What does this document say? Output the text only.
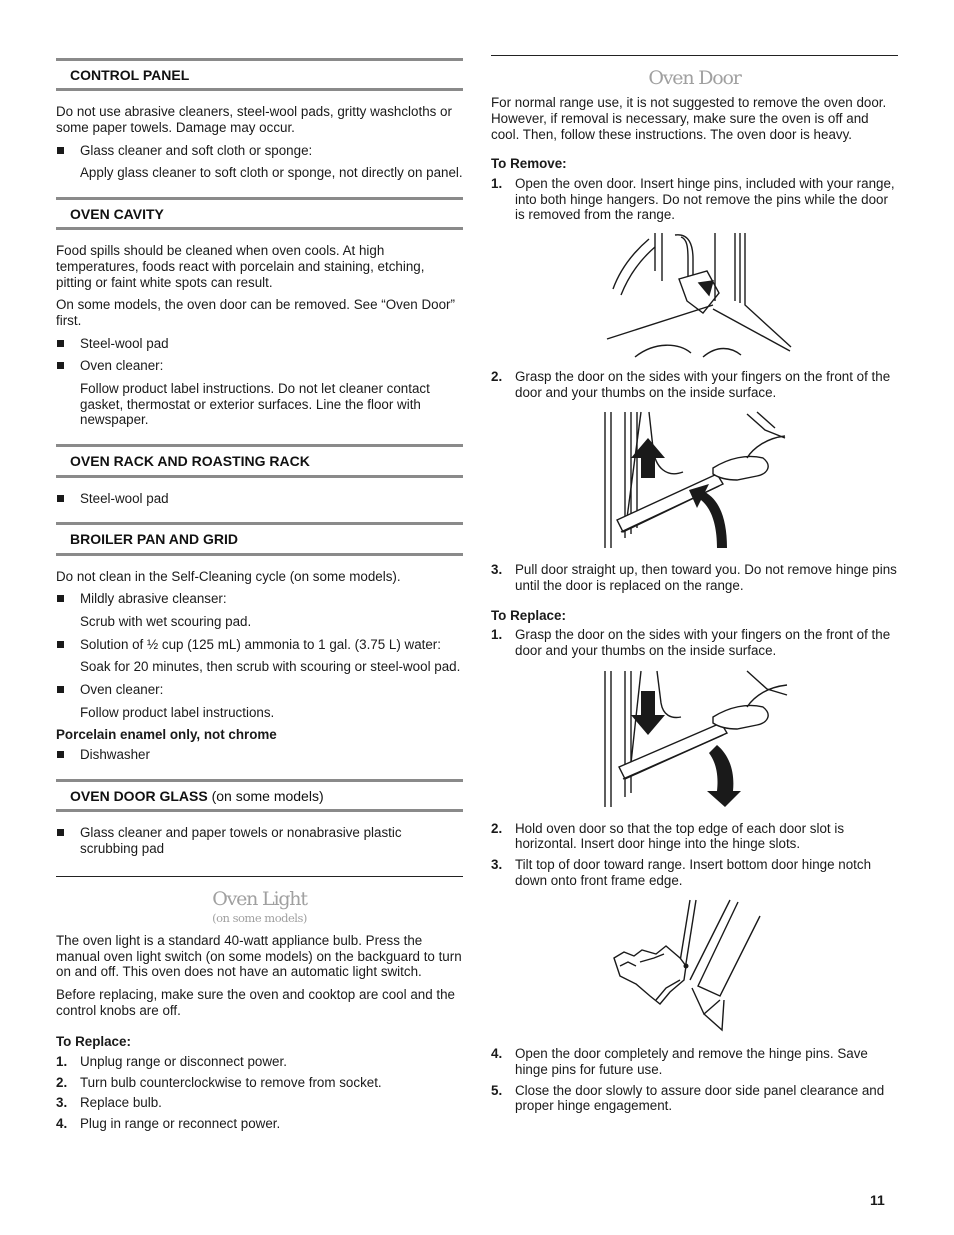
CONTROL PANEL

Do not use abrasive cleaners, steel-wool pads, gritty washcloths or some paper towels. Damage may occur.

Glass cleaner and soft cloth or sponge:
Apply glass cleaner to soft cloth or sponge, not directly on panel.
OVEN CAVITY

Food spills should be cleaned when oven cools. At high temperatures, foods react with porcelain and staining, etching, pitting or faint white spots can result.

On some models, the oven door can be removed. See “Oven Door” first.

Steel-wool pad
Oven cleaner:
Follow product label instructions. Do not let cleaner contact gasket, thermostat or exterior surfaces. Line the floor with newspaper.
OVEN RACK AND ROASTING RACK
Steel-wool pad
BROILER PAN AND GRID

Do not clean in the Self-Cleaning cycle (on some models).

Mildly abrasive cleanser:
Scrub with wet scouring pad.
Solution of ½ cup (125 mL) ammonia to 1 gal. (3.75 L) water:
Soak for 20 minutes, then scrub with scouring or steel-wool pad.
Oven cleaner:
Follow product label instructions.
Porcelain enamel only, not chrome
Dishwasher
OVEN DOOR GLASS (on some models)
Glass cleaner and paper towels or nonabrasive plastic scrubbing pad
Oven Light
(on some models)

The oven light is a standard 40-watt appliance bulb. Press the manual oven light switch (on some models) on the backguard to turn on and off. This oven does not have an automatic light switch.

Before replacing, make sure the oven and cooktop are cool and the control knobs are off.

To Replace:
1. Unplug range or disconnect power.
2. Turn bulb counterclockwise to remove from socket.
3. Replace bulb.
4. Plug in range or reconnect power.
Oven Door

For normal range use, it is not suggested to remove the oven door. However, if removal is necessary, make sure the oven is off and cool. Then, follow these instructions. The oven door is heavy.

To Remove:
1. Open the oven door. Insert hinge pins, included with your range, into both hinge hangers. Do not remove the pins while the door is removed from the range.
2. Grasp the door on the sides with your fingers on the front of the door and your thumbs on the inside surface.
3. Pull door straight up, then toward you. Do not remove hinge pins until the door is replaced on the range.
To Replace:
1. Grasp the door on the sides with your fingers on the front of the door and your thumbs on the inside surface.
2. Hold oven door so that the top edge of each door slot is horizontal. Insert door hinge into the hinge slots.
3. Tilt top of door toward range. Insert bottom door hinge notch down onto front frame edge.
4. Open the door completely and remove the hinge pins. Save hinge pins for future use.
5. Close the door slowly to assure door side panel clearance and proper hinge engagement.
11
